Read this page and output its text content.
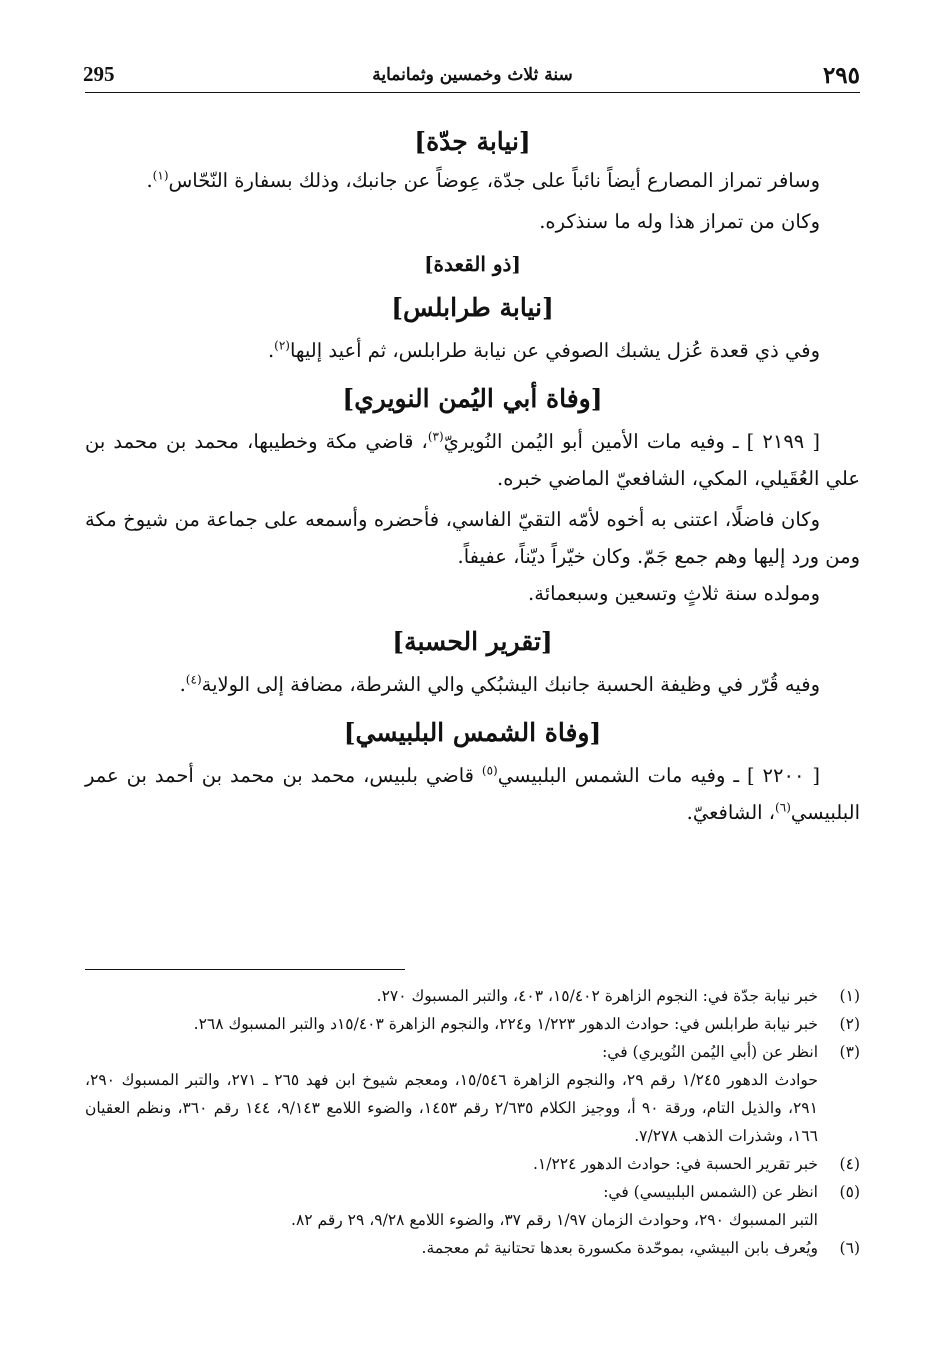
٢٩٥
سنة ثلاث وخمسين وثمانماية
295
[نيابة جدّة]

وسافر تمراز المصارع أيضاً نائباً على جدّة، عِوضاً عن جانبك، وذلك بسفارة النّحّاس$^{(١)}$.

وكان من تمراز هذا وله ما سنذكره.

[ذو القعدة]
[نيابة طرابلس]

وفي ذي قعدة عُزل يشبك الصوفي عن نيابة طرابلس، ثم أعيد إليها$^{(٢)}$.

[وفاة أبي اليُمن النويري]

[ ٢١٩٩ ] ـ وفيه مات الأمين أبو اليُمن النُويريّ$^{(٣)}$، قاضي مكة وخطيبها، محمد بن محمد بن علي العُقَيلي، المكي، الشافعيّ الماضي خبره.

وكان فاضلًا، اعتنى به أخوه لأمّه التقيّ الفاسي، فأحضره وأسمعه على جماعة من شيوخ مكة ومن ورد إليها وهم جمع جَمّ. وكان خيّراً ديّناً، عفيفاً.

ومولده سنة ثلاثٍ وتسعين وسبعمائة.

[تقرير الحسبة]

وفيه قُرّر في وظيفة الحسبة جانبك اليشبُكي والي الشرطة، مضافة إلى الولاية$^{(٤)}$.

[وفاة الشمس البلبيسي]

[ ٢٢٠٠ ] ـ وفيه مات الشمس البلبيسي$^{(٥)}$ قاضي بلبيس، محمد بن محمد بن أحمد بن عمر البلبيسي$^{(٦)}$، الشافعيّ.

(١)
خبر نيابة جدّة في: النجوم الزاهرة ١٥/٤٠٢، ٤٠٣، والتبر المسبوك ٢٧٠.
(٢)
خبر نيابة طرابلس في: حوادث الدهور ١/٢٢٣ و٢٢٤، والنجوم الزاهرة ١٥/٤٠٣د والتبر المسبوك ٢٦٨.
(٣)
انظر عن (أبي اليُمن النُويري) في:
حوادث الدهور ١/٢٤٥ رقم ٢٩، والنجوم الزاهرة ١٥/٥٤٦، ومعجم شيوخ ابن فهد ٢٦٥ ـ ٢٧١، والتبر المسبوك ٢٩٠، ٢٩١، والذيل التام، ورقة ٩٠ أ، ووجيز الكلام ٢/٦٣٥ رقم ١٤٥٣، والضوء اللامع ٩/١٤٣، ١٤٤ رقم ٣٦٠، ونظم العقيان ١٦٦، وشذرات الذهب ٧/٢٧٨.
(٤)
خبر تقرير الحسبة في: حوادث الدهور ١/٢٢٤.
(٥)
انظر عن (الشمس البلبيسي) في:
التبر المسبوك ٢٩٠، وحوادث الزمان ١/٩٧ رقم ٣٧، والضوء اللامع ٩/٢٨، ٢٩ رقم ٨٢.
(٦)
ويُعرف بابن البيشي، بموحّدة مكسورة بعدها تحتانية ثم معجمة.
